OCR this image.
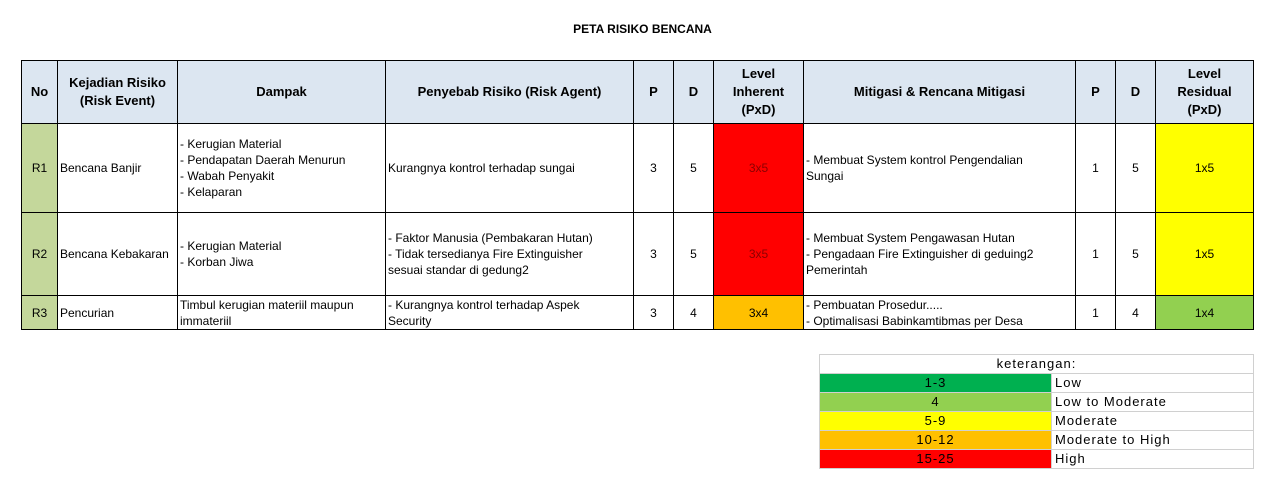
PETA RISIKO BENCANA
No	Kejadian Risiko
(Risk Event)	Dampak	Penyebab Risiko (Risk Agent)	P	D	Level
Inherent
(PxD)	Mitigasi & Rencana Mitigasi	P	D	Level
Residual
(PxD)

R1	Bencana Banjir	- Kerugian Material
- Pendapatan Daerah Menurun
- Wabah Penyakit
- Kelaparan	Kurangnya kontrol terhadap sungai	3	5	3x5	- Membuat System kontrol Pengendalian
Sungai	1	5	1x5
R2	Bencana Kebakaran	- Kerugian Material
- Korban Jiwa	- Faktor Manusia (Pembakaran Hutan)
- Tidak tersedianya Fire Extinguisher
sesuai standar di gedung2	3	5	3x5	- Membuat System Pengawasan Hutan
- Pengadaan Fire Extinguisher di geduing2
Pemerintah	1	5	1x5
R3	Pencurian	Timbul kerugian materiil maupun
immateriil	- Kurangnya kontrol terhadap Aspek
Security	3	4	3x4	- Pembuatan Prosedur.....
- Optimalisasi Babinkamtibmas per Desa	1	4	1x4
keterangan:	
1-3	Low
4	Low to Moderate
5-9	Moderate
10-12	Moderate to High
15-25	High
